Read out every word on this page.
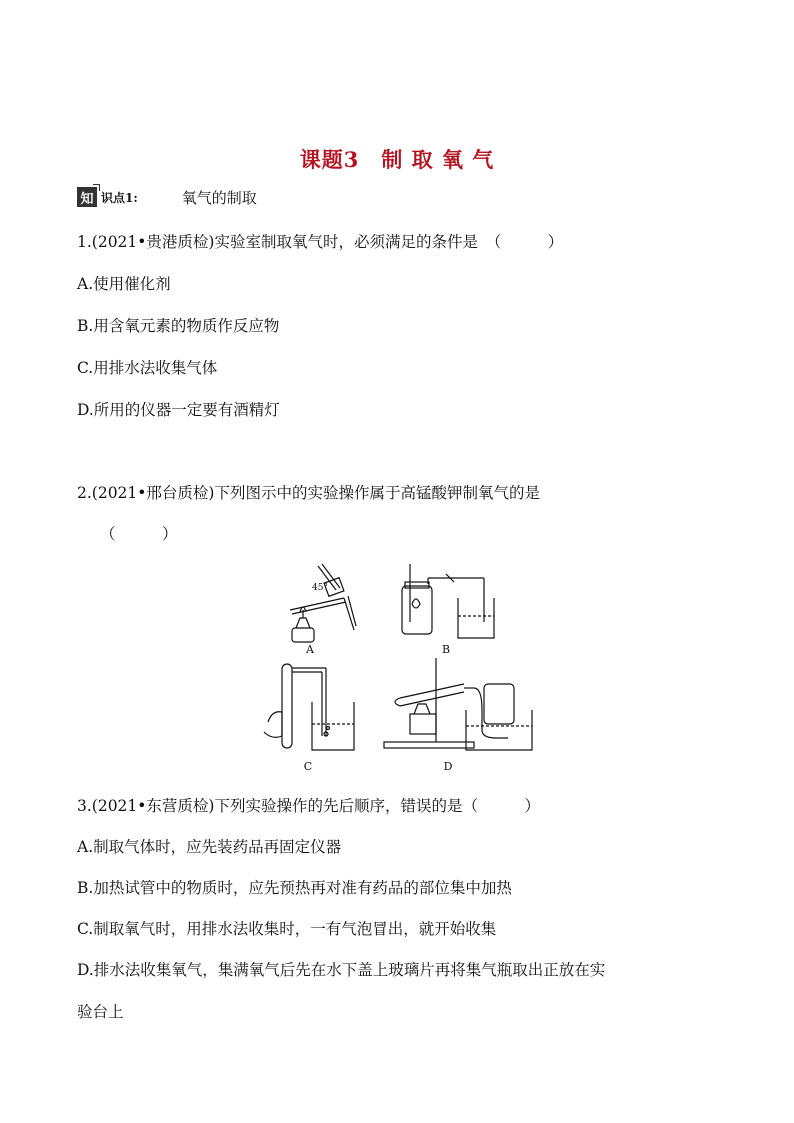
课题3　制 取 氧 气
知 识点1:	氧气的制取
1.(2021•贵港质检)实验室制取氧气时，必须满足的条件是　（　　　）
A.使用催化剂
B.用含氧元素的物质作反应物
C.用排水法收集气体
D.所用的仪器一定要有酒精灯
2.(2021•邢台质检)下列图示中的实验操作属于高锰酸钾制氧气的是
（　　　）
45°
A	B
C	D
3.(2021•东营质检)下列实验操作的先后顺序，错误的是（　　　）
A.制取气体时，应先装药品再固定仪器
B.加热试管中的物质时，应先预热再对准有药品的部位集中加热
C.制取氧气时，用排水法收集时，一有气泡冒出，就开始收集
D.排水法收集氧气，集满氧气后先在水下盖上玻璃片再将集气瓶取出正放在实
验台上
